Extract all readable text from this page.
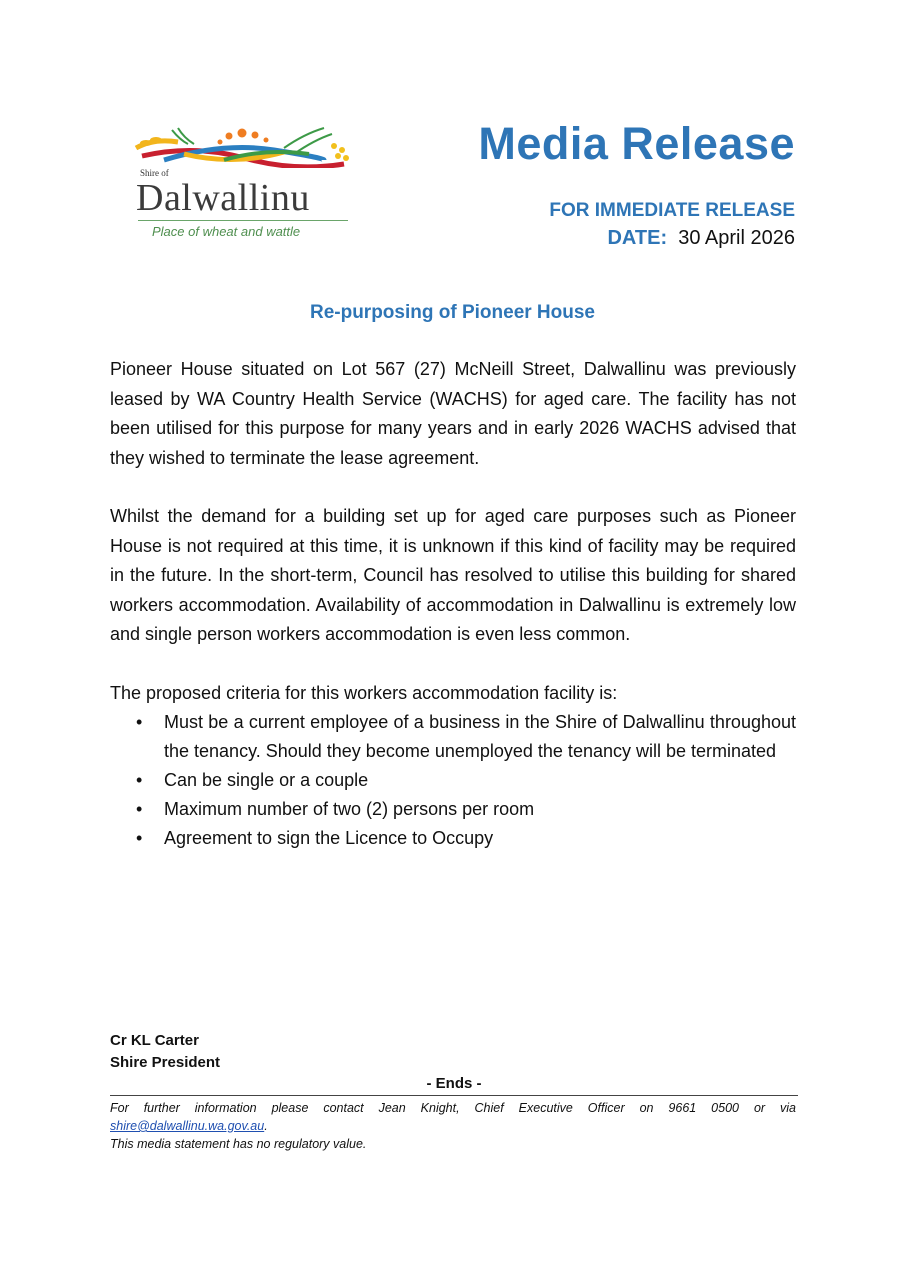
Shire of
Dalwallinu
Place of wheat and wattle
Media Release
FOR IMMEDIATE RELEASE
DATE: 30 April 2026
Re-purposing of Pioneer House

Pioneer House situated on Lot 567 (27) McNeill Street, Dalwallinu was previously leased by WA Country Health Service (WACHS) for aged care. The facility has not been utilised for this purpose for many years and in early 2026 WACHS advised that they wished to terminate the lease agreement.

Whilst the demand for a building set up for aged care purposes such as Pioneer House is not required at this time, it is unknown if this kind of facility may be required in the future. In the short-term, Council has resolved to utilise this building for shared workers accommodation. Availability of accommodation in Dalwallinu is extremely low and single person workers accommodation is even less common.

The proposed criteria for this workers accommodation facility is:

• Must be a current employee of a business in the Shire of Dalwallinu throughout the tenancy. Should they become unemployed the tenancy will be terminated
• Can be single or a couple
• Maximum number of two (2) persons per room
• Agreement to sign the Licence to Occupy
Cr KL Carter
Shire President
- Ends -
For further information please contact Jean Knight, Chief Executive Officer on 9661 0500 or via
shire@dalwallinu.wa.gov.au.
This media statement has no regulatory value.
